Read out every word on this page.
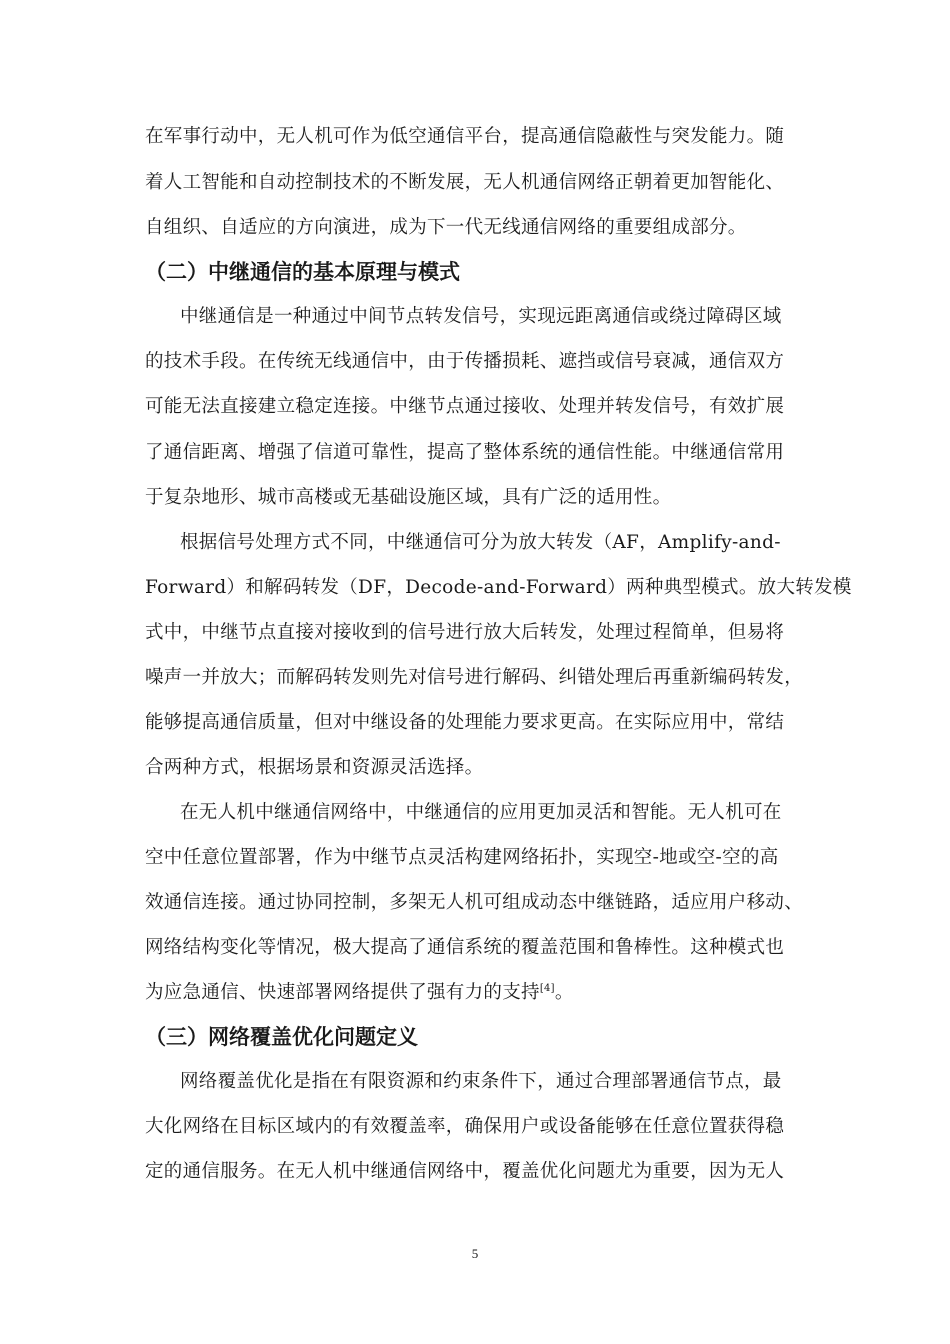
在军事行动中，无人机可作为低空通信平台，提高通信隐蔽性与突发能力。随
着人工智能和自动控制技术的不断发展，无人机通信网络正朝着更加智能化、
自组织、自适应的方向演进，成为下一代无线通信网络的重要组成部分。
（二）中继通信的基本原理与模式
中继通信是一种通过中间节点转发信号，实现远距离通信或绕过障碍区域
的技术手段。在传统无线通信中，由于传播损耗、遮挡或信号衰减，通信双方
可能无法直接建立稳定连接。中继节点通过接收、处理并转发信号，有效扩展
了通信距离、增强了信道可靠性，提高了整体系统的通信性能。中继通信常用
于复杂地形、城市高楼或无基础设施区域，具有广泛的适用性。
根据信号处理方式不同，中继通信可分为放大转发（AF，Amplify-and-
Forward）和解码转发（DF，Decode-and-Forward）两种典型模式。放大转发模
式中，中继节点直接对接收到的信号进行放大后转发，处理过程简单，但易将
噪声一并放大；而解码转发则先对信号进行解码、纠错处理后再重新编码转发，
能够提高通信质量，但对中继设备的处理能力要求更高。在实际应用中，常结
合两种方式，根据场景和资源灵活选择。
在无人机中继通信网络中，中继通信的应用更加灵活和智能。无人机可在
空中任意位置部署，作为中继节点灵活构建网络拓扑，实现空-地或空-空的高
效通信连接。通过协同控制，多架无人机可组成动态中继链路，适应用户移动、
网络结构变化等情况，极大提高了通信系统的覆盖范围和鲁棒性。这种模式也
为应急通信、快速部署网络提供了强有力的支持[4]。
（三）网络覆盖优化问题定义
网络覆盖优化是指在有限资源和约束条件下，通过合理部署通信节点，最
大化网络在目标区域内的有效覆盖率，确保用户或设备能够在任意位置获得稳
定的通信服务。在无人机中继通信网络中，覆盖优化问题尤为重要，因为无人
5
